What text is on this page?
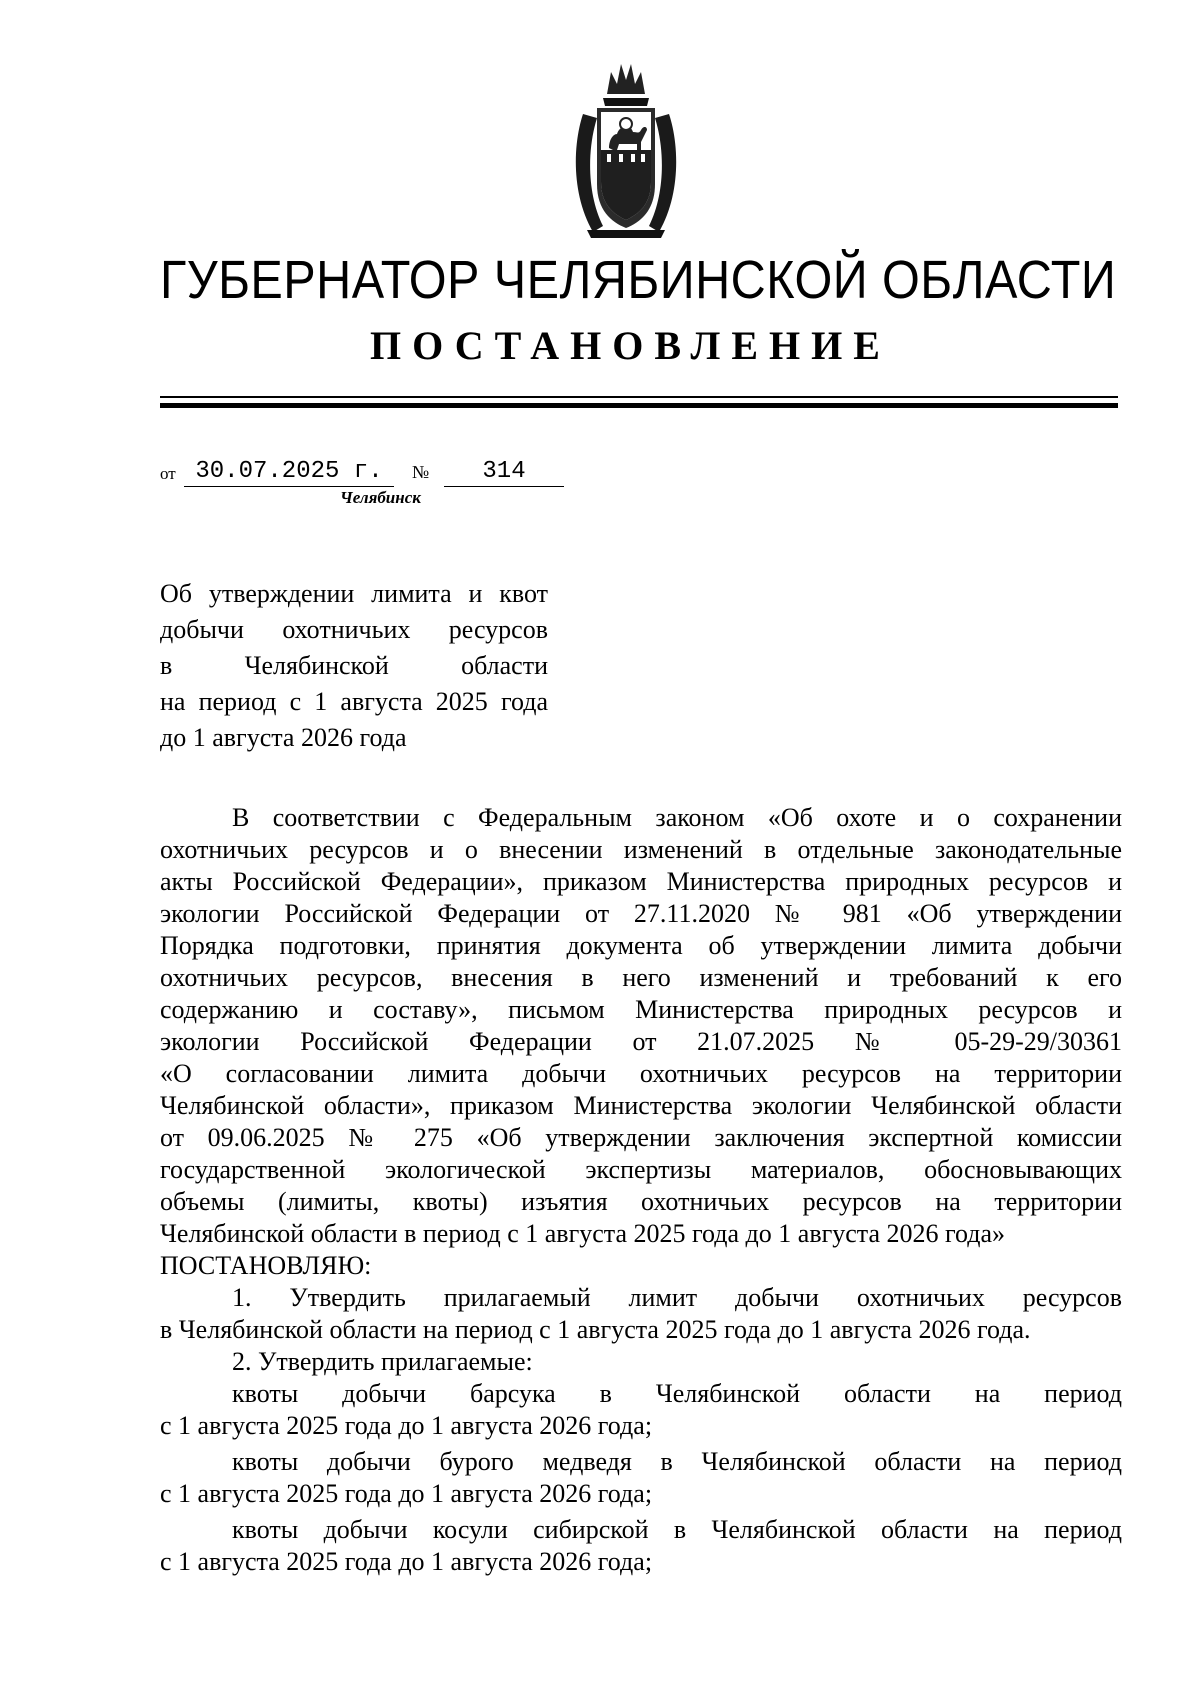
ГУБЕРНАТОР ЧЕЛЯБИНСКОЙ ОБЛАСТИ
ПОСТАНОВЛЕНИЕ
от 30.07.2025 г.	№	314
Челябинск
Об утверждении лимита и квот
добычи охотничьих ресурсов
в Челябинской области
на период с 1 августа 2025 года
до 1 августа 2026 года
В соответствии с Федеральным законом «Об охоте и о сохранении
охотничьих ресурсов и о внесении изменений в отдельные законодательные
акты Российской Федерации», приказом Министерства природных ресурсов и
экологии Российской Федерации от 27.11.2020 № 981 «Об утверждении
Порядка подготовки, принятия документа об утверждении лимита добычи
охотничьих ресурсов, внесения в него изменений и требований к его
содержанию и составу», письмом Министерства природных ресурсов и
экологии Российской Федерации от 21.07.2025 № 05-29-29/30361
«О согласовании лимита добычи охотничьих ресурсов на территории
Челябинской области», приказом Министерства экологии Челябинской области
от 09.06.2025 № 275 «Об утверждении заключения экспертной комиссии
государственной экологической экспертизы материалов, обосновывающих
объемы (лимиты, квоты) изъятия охотничьих ресурсов на территории
Челябинской области в период с 1 августа 2025 года до 1 августа 2026 года»
ПОСТАНОВЛЯЮ:
1. Утвердить прилагаемый лимит добычи охотничьих ресурсов
в Челябинской области на период с 1 августа 2025 года до 1 августа 2026 года.
2. Утвердить прилагаемые:
квоты добычи барсука в Челябинской области на период
с 1 августа 2025 года до 1 августа 2026 года;
квоты добычи бурого медведя в Челябинской области на период
с 1 августа 2025 года до 1 августа 2026 года;
квоты добычи косули сибирской в Челябинской области на период
с 1 августа 2025 года до 1 августа 2026 года;
